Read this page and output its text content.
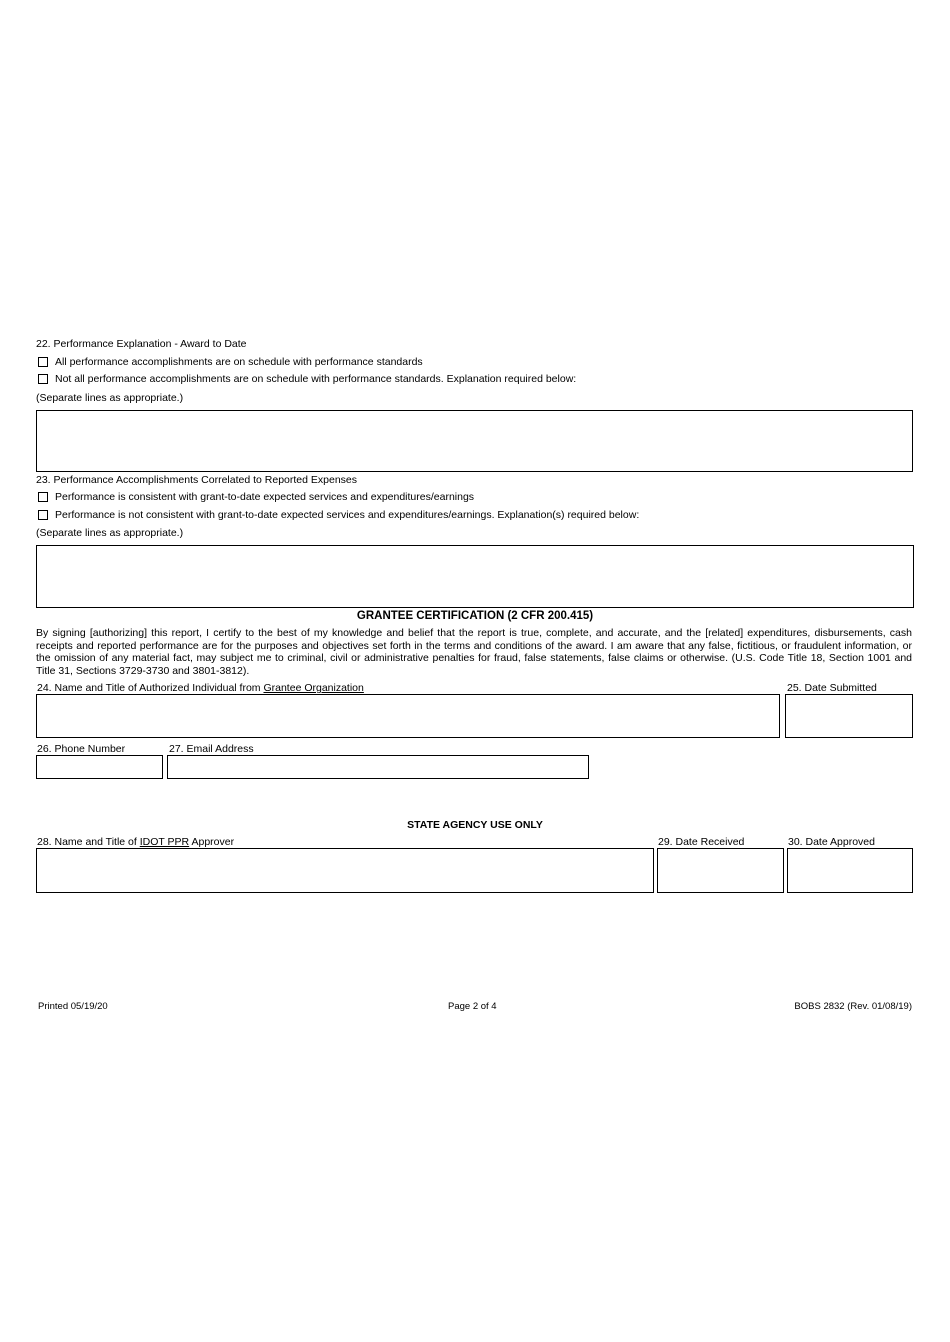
22. Performance Explanation - Award to Date
All performance accomplishments are on schedule with performance standards
Not all performance accomplishments are on schedule with performance standards. Explanation required below:
(Separate lines as appropriate.)
23. Performance Accomplishments Correlated to Reported Expenses
Performance is consistent with grant-to-date expected services and expenditures/earnings
Performance is not consistent with grant-to-date expected services and expenditures/earnings. Explanation(s) required below:
(Separate lines as appropriate.)
GRANTEE CERTIFICATION (2 CFR 200.415)
By signing [authorizing] this report, I certify to the best of my knowledge and belief that the report is true, complete, and accurate, and the [related] expenditures, disbursements, cash receipts and reported performance are for the purposes and objectives set forth in the terms and conditions of the award. I am aware that any false, fictitious, or fraudulent information, or the omission of any material fact, may subject me to criminal, civil or administrative penalties for fraud, false statements, false claims or otherwise. (U.S. Code Title 18, Section 1001 and Title 31, Sections 3729-3730 and 3801-3812).
24. Name and Title of Authorized Individual from Grantee Organization	25. Date Submitted
26. Phone Number	27. Email Address
STATE AGENCY USE ONLY
28. Name and Title of IDOT PPR Approver	29. Date Received	30. Date Approved
Printed 05/19/20	Page 2 of 4	BOBS 2832 (Rev. 01/08/19)
